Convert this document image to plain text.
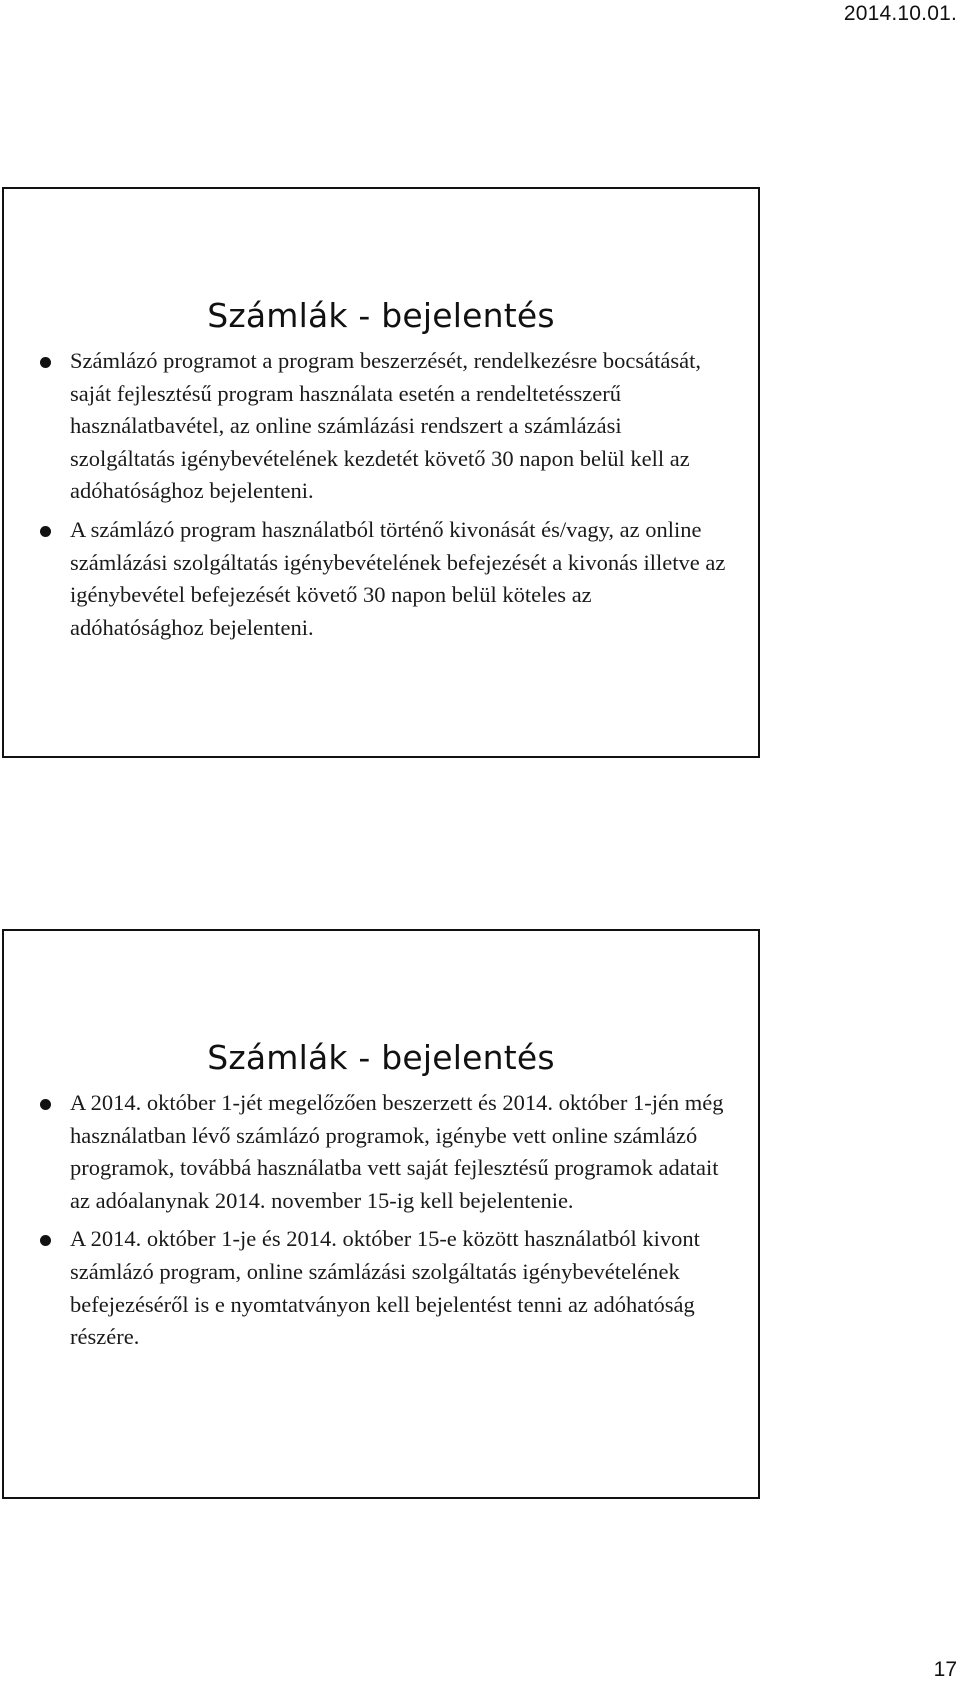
2014.10.01.
Számlák - bejelentés
Számlázó programot a program beszerzését, rendelkezésre bocsátását, saját fejlesztésű program használata esetén a rendeltetésszerű használatbavétel, az online számlázási rendszert a számlázási szolgáltatás igénybevételének kezdetét követő 30 napon belül kell az adóhatósághoz bejelenteni.
A számlázó program használatból történő kivonását és/vagy, az online számlázási szolgáltatás igénybevételének befejezését a kivonás illetve az igénybevétel befejezését követő 30 napon belül köteles az adóhatósághoz bejelenteni.
Számlák - bejelentés
A 2014. október 1-jét megelőzően beszerzett és 2014. október 1-jén még használatban lévő számlázó programok, igénybe vett online számlázó programok, továbbá használatba vett saját fejlesztésű programok adatait az adóalanynak 2014. november 15-ig kell bejelentenie.
A 2014. október 1-je és 2014. október 15-e között használatból kivont számlázó program, online számlázási szolgáltatás igénybevételének befejezéséről is e nyomtatványon kell bejelentést tenni az adóhatóság részére.
17
